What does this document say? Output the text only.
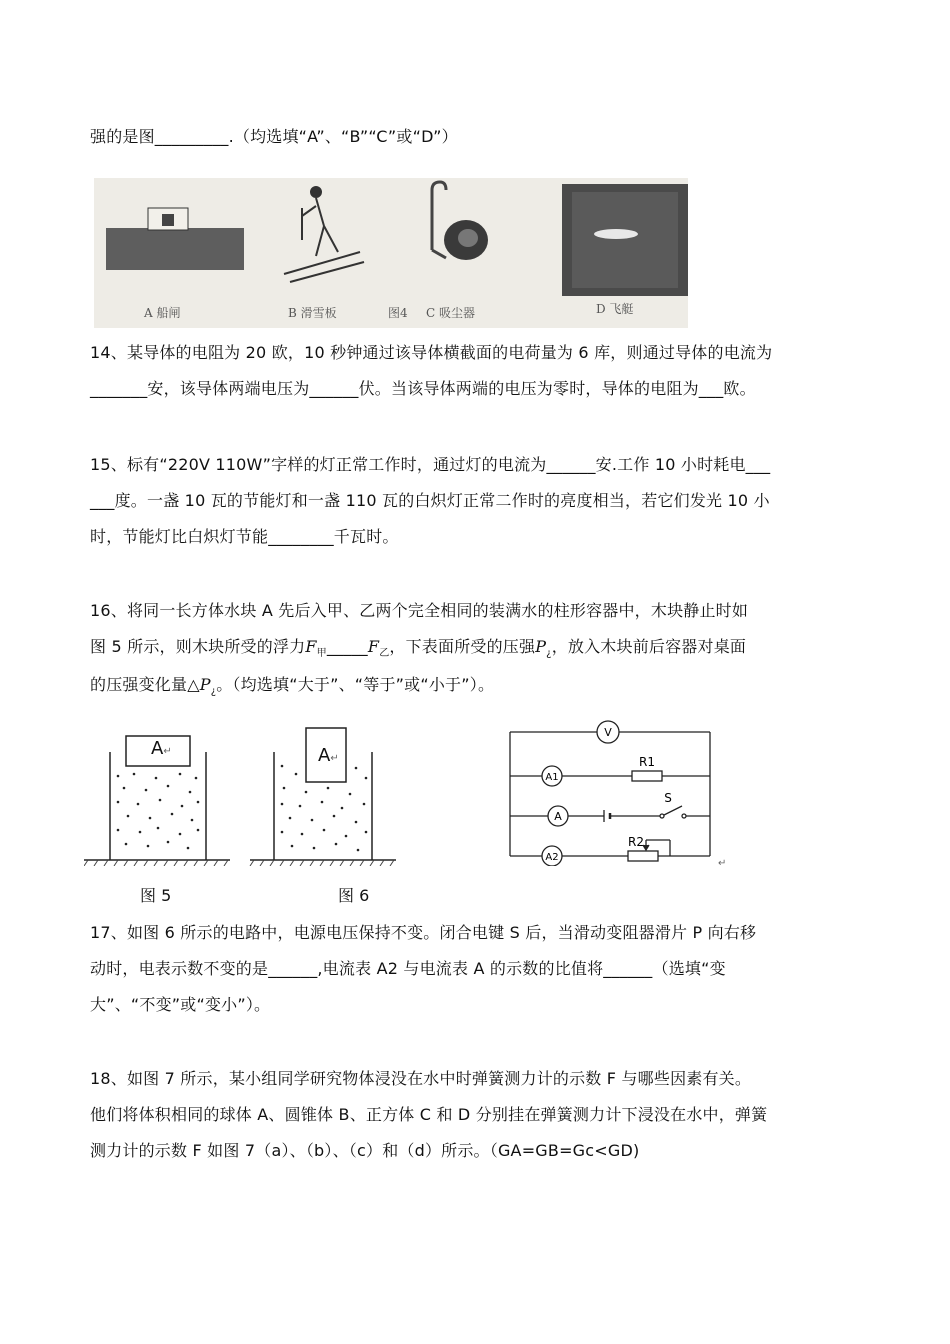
强的是图_________.（均选填“A”、“B”“C”或“D”）
A 船闸	B 滑雪板	图4 C 吸尘器	D 飞艇
14、某导体的电阻为 20 欧，10 秒钟通过该导体横截面的电荷量为 6 库，则通过导体的电流为
_______安，该导体两端电压为______伏。当该导体两端的电压为零时，导体的电阻为___欧。
15、标有“220V 110W”字样的灯正常工作时，通过灯的电流为______安.工作 10 小时耗电___
___度。一盏 10 瓦的节能灯和一盏 110 瓦的白炽灯正常二作时的亮度相当，若它们发光 10 小
时，节能灯比白炽灯节能________千瓦时。
16、将同一长方体水块 A 先后入甲、乙两个完全相同的装满水的柱形容器中，木块静止时如
图 5 所示，则木块所受的浮力$F_甲\_\_\_\_\_F_乙$，下表面所受的压强$P_¿$，放入木块前后容器对桌面
的压强变化量$\triangle P_¿$。（均选填“大于”、“等于”或“小于”）。
A↵	A↵
图 5	图 6
V
A1
R1
A
S
R2
A2
↵
17、如图 6 所示的电路中，电源电压保持不变。闭合电键 S 后，当滑动变阻器滑片 P 向右移
动时，电表示数不变的是______,电流表 A2 与电流表 A 的示数的比值将______（选填“变
大”、“不变”或“变小”）。
18、如图 7 所示，某小组同学研究物体浸没在水中时弹簧测力计的示数 F 与哪些因素有关。
他们将体积相同的球体 A、圆锥体 B、正方体 C 和 D 分别挂在弹簧测力计下浸没在水中，弹簧
测力计的示数 F 如图 7（a）、（b）、（c）和（d）所示。（GA=GB=Gc<GD)
